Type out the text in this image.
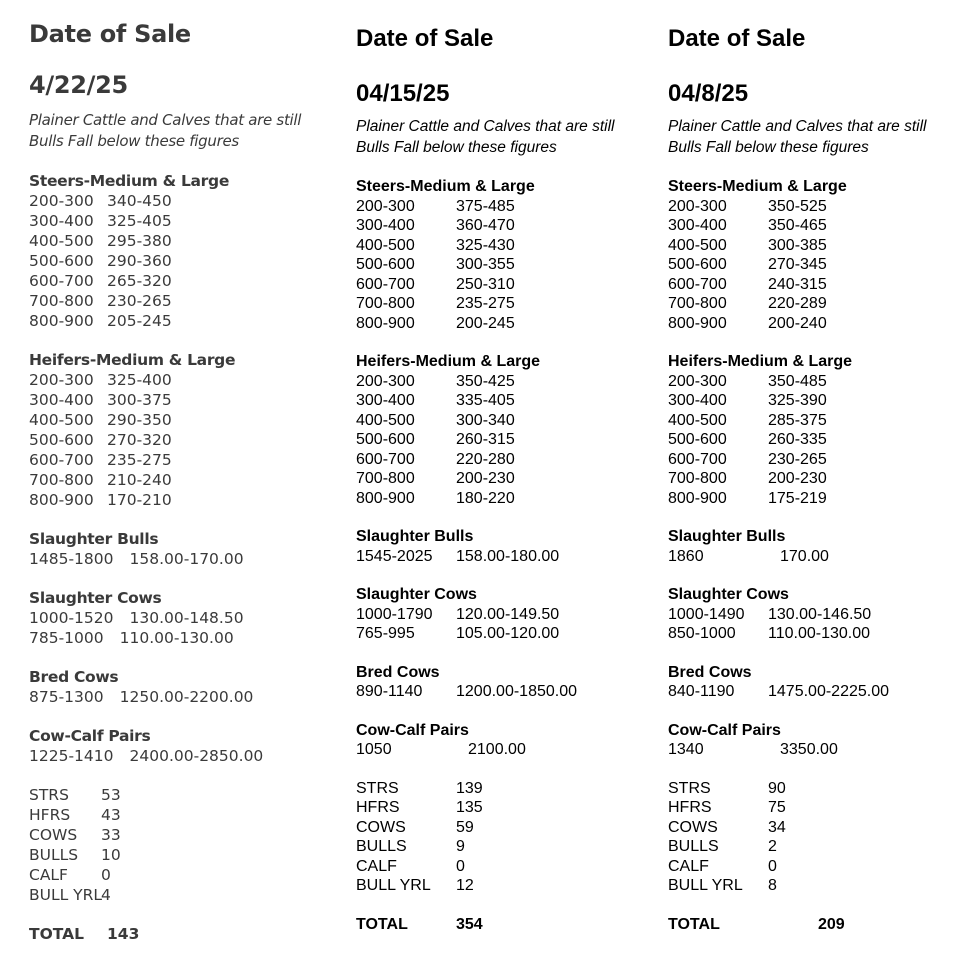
Date of Sale
4/22/25
Plainer Cattle and Calves that are still
Bulls Fall below these figures
Steers-Medium & Large
200-300 340-450
300-400 325-405
400-500 295-380
500-600 290-360
600-700 265-320
700-800 230-265
800-900 205-245
Heifers-Medium & Large
200-300 325-400
300-400 300-375
400-500 290-350
500-600 270-320
600-700 235-275
700-800 210-240
800-900 170-210
Slaughter Bulls
1485-1800 158.00-170.00
Slaughter Cows
1000-1520 130.00-148.50
785-1000 110.00-130.00
Bred Cows
875-1300 1250.00-2200.00
Cow-Calf Pairs
1225-1410 2400.00-2850.00
STRS 53
HFRS 43
COWS 33
BULLS 10
CALF 0
BULL YRL4
TOTAL 143
Date of Sale
04/15/25
Plainer Cattle and Calves that are still
Bulls Fall below these figures
Steers-Medium & Large
200-300	375-485
300-400	360-470
400-500	325-430
500-600	300-355
600-700	250-310
700-800	235-275
800-900	200-245
Heifers-Medium & Large
200-300	350-425
300-400	335-405
400-500	300-340
500-600	260-315
600-700	220-280
700-800	200-230
800-900	180-220
Slaughter Bulls
1545-2025 158.00-180.00
Slaughter Cows
1000-1790 120.00-149.50
765-995	105.00-120.00
Bred Cows
890-1140 1200.00-1850.00
Cow-Calf Pairs
1050	2100.00
STRS	139
HFRS	135
COWS	59
BULLS	9
CALF	0
BULL YRL 12
TOTAL	354
Date of Sale
04/8/25
Plainer Cattle and Calves that are still
Bulls Fall below these figures
Steers-Medium & Large
200-300	350-525
300-400	350-465
400-500	300-385
500-600	270-345
600-700	240-315
700-800	220-289
800-900	200-240
Heifers-Medium & Large
200-300	350-485
300-400	325-390
400-500	285-375
500-600	260-335
600-700	230-265
700-800	200-230
800-900	175-219
Slaughter Bulls
1860	170.00
Slaughter Cows
1000-1490 130.00-146.50
850-1000 110.00-130.00
Bred Cows
840-1190 1475.00-2225.00
Cow-Calf Pairs
1340	3350.00
STRS	90
HFRS	75
COWS	34
BULLS	2
CALF	0
BULL YRL 8
TOTAL	209
